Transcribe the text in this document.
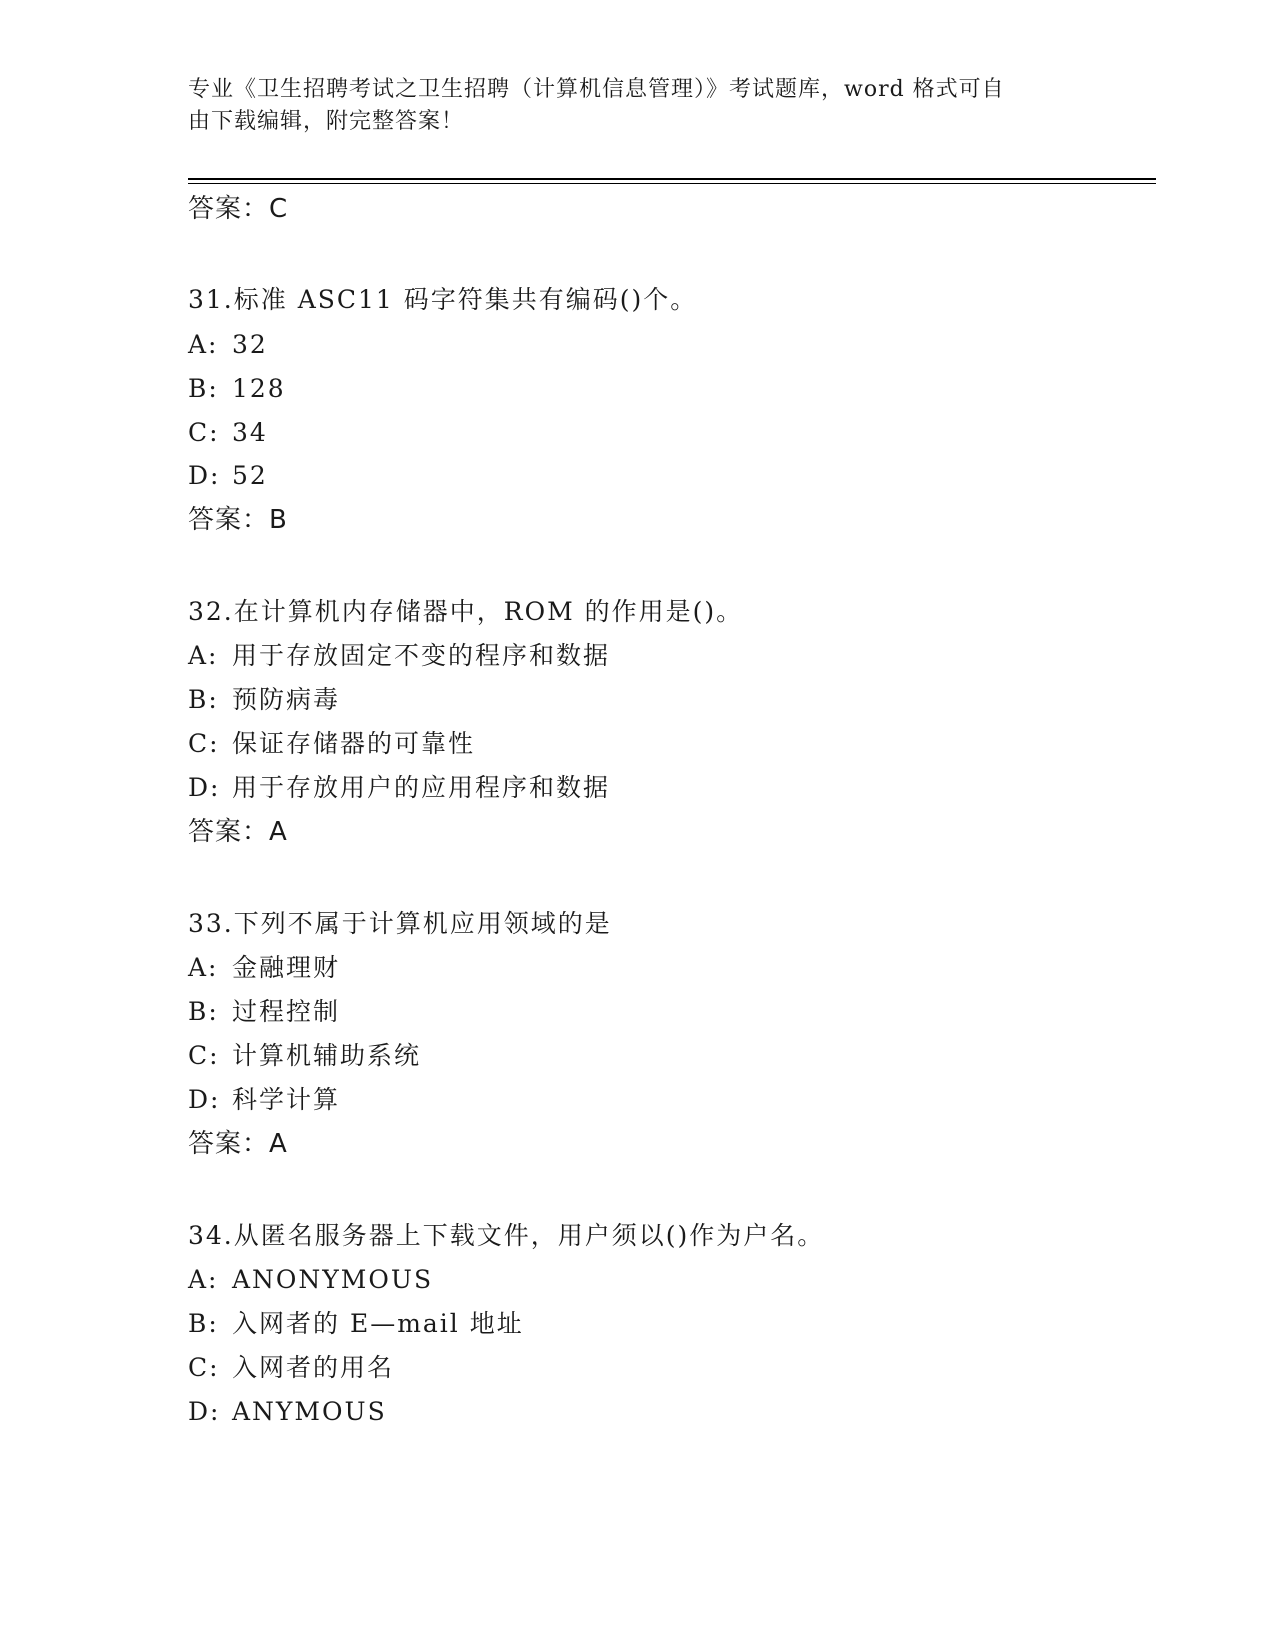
专业《卫生招聘考试之卫生招聘（计算机信息管理）》考试题库，word 格式可自
由下载编辑，附完整答案！
答案：C
31.标准 ASC11 码字符集共有编码()个。
A: 32
B: 128
C: 34
D: 52
答案：B
32.在计算机内存储器中，ROM 的作用是()。
A: 用于存放固定不变的程序和数据
B: 预防病毒
C: 保证存储器的可靠性
D: 用于存放用户的应用程序和数据
答案：A
33.下列不属于计算机应用领域的是
A: 金融理财
B: 过程控制
C: 计算机辅助系统
D: 科学计算
答案：A
34.从匿名服务器上下载文件，用户须以()作为户名。
A: ANONYMOUS
B: 入网者的 E—mail 地址
C: 入网者的用名
D: ANYMOUS
